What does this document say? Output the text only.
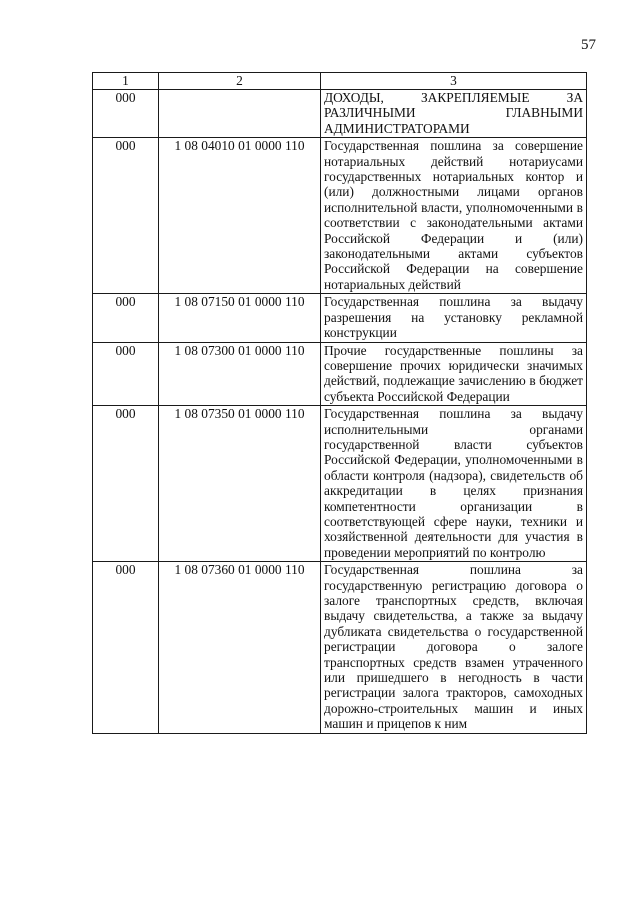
57
1	2	3
000		ДОХОДЫ, ЗАКРЕПЛЯЕМЫЕ ЗА РАЗЛИЧНЫМИ ГЛАВНЫМИ АДМИНИСТРАТОРАМИ
000	1 08 04010 01 0000 110	Государственная пошлина за совершение нотариальных действий нотариусами государственных нотариальных контор и (или) должностными лицами органов исполнительной власти, уполномоченными в соответствии с законодательными актами Российской Федерации и (или) законодательными актами субъектов Российской Федерации на совершение нотариальных действий
000	1 08 07150 01 0000 110	Государственная пошлина за выдачу разрешения на установку рекламной конструкции
000	1 08 07300 01 0000 110	Прочие государственные пошлины за совершение прочих юридически значимых действий, подлежащие зачислению в бюджет субъекта Российской Федерации
000	1 08 07350 01 0000 110	Государственная пошлина за выдачу исполнительными органами государственной власти субъектов Российской Федерации, уполномоченными в области контроля (надзора), свидетельств об аккредитации в целях признания компетентности организации в соответствующей сфере науки, техники и хозяйственной деятельности для участия в проведении мероприятий по контролю
000	1 08 07360 01 0000 110	Государственная пошлина за государственную регистрацию договора о залоге транспортных средств, включая выдачу свидетельства, а также за выдачу дубликата свидетельства о государственной регистрации договора о залоге транспортных средств взамен утраченного или пришедшего в негодность в части регистрации залога тракторов, самоходных дорожно-строительных машин и иных машин и прицепов к ним
